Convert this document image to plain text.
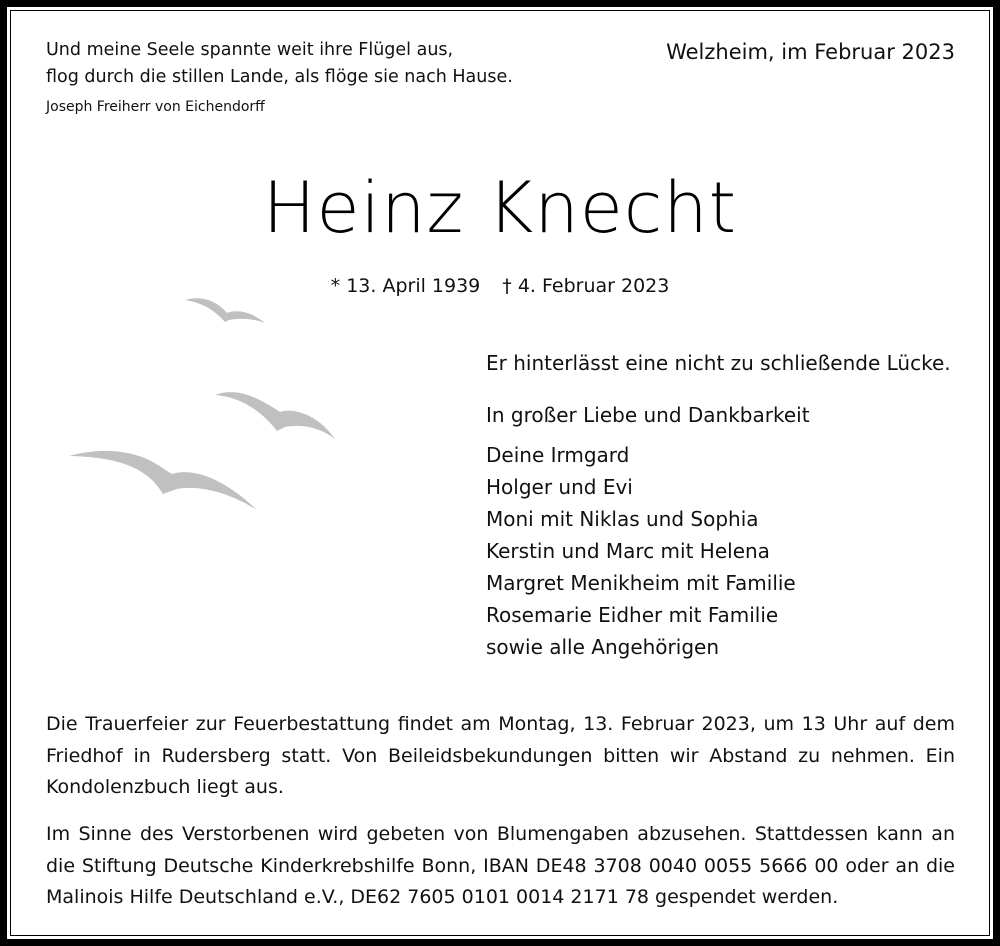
Und meine Seele spannte weit ihre Flügel aus,
flog durch die stillen Lande, als flöge sie nach Hause.
Joseph Freiherr von Eichendorff
Welzheim, im Februar 2023
Heinz Knecht
* 13. April 1939 † 4. Februar 2023
Er hinterlässt eine nicht zu schließende Lücke.
In großer Liebe und Dankbarkeit
Deine Irmgard
Holger und Evi
Moni mit Niklas und Sophia
Kerstin und Marc mit Helena
Margret Menikheim mit Familie
Rosemarie Eidher mit Familie
sowie alle Angehörigen
Die Trauerfeier zur Feuerbestattung findet am Montag, 13. Februar 2023, um 13 Uhr auf dem Friedhof in Rudersberg statt. Von Beileidsbekundungen bitten wir Abstand zu nehmen. Ein Kondolenzbuch liegt aus.
Im Sinne des Verstorbenen wird gebeten von Blumengaben abzusehen. Stattdessen kann an die Stiftung Deutsche Kinderkrebshilfe Bonn, IBAN DE48 3708 0040 0055 5666 00 oder an die Malinois Hilfe Deutschland e.V., DE62 7605 0101 0014 2171 78 gespendet werden.
